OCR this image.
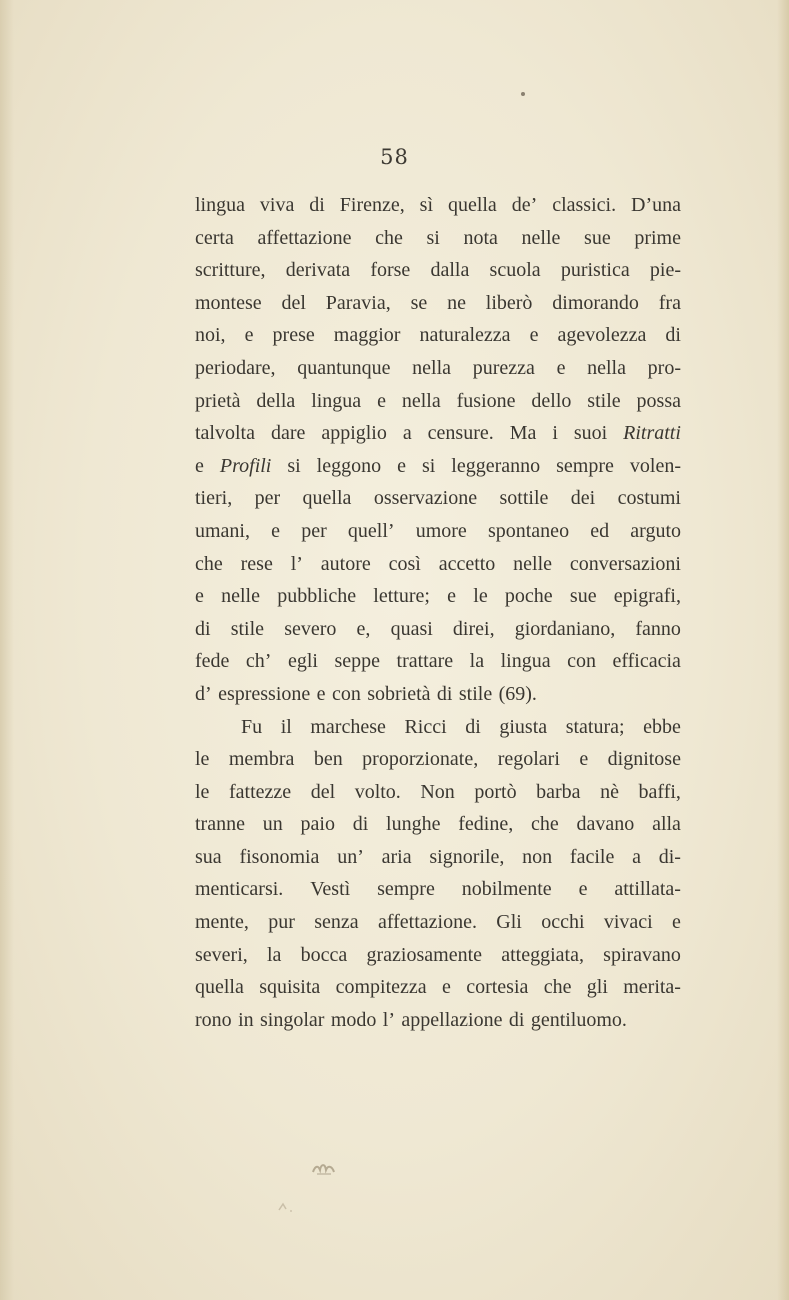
58
lingua viva di Firenze, sì quella de’ classici. D’una
certa affettazione che si nota nelle sue prime
scritture, derivata forse dalla scuola puristica pie-
montese del Paravia, se ne liberò dimorando fra
noi, e prese maggior naturalezza e agevolezza di
periodare, quantunque nella purezza e nella pro-
prietà della lingua e nella fusione dello stile possa
talvolta dare appiglio a censure. Ma i suoi Ritratti
e Profili si leggono e si leggeranno sempre volen-
tieri, per quella osservazione sottile dei costumi
umani, e per quell’ umore spontaneo ed arguto
che rese l’ autore così accetto nelle conversazioni
e nelle pubbliche letture; e le poche sue epigrafi,
di stile severo e, quasi direi, giordaniano, fanno
fede ch’ egli seppe trattare la lingua con efficacia
d’ espressione e con sobrietà di stile (69).
Fu il marchese Ricci di giusta statura; ebbe
le membra ben proporzionate, regolari e dignitose
le fattezze del volto. Non portò barba nè baffi,
tranne un paio di lunghe fedine, che davano alla
sua fisonomia un’ aria signorile, non facile a di-
menticarsi. Vestì sempre nobilmente e attillata-
mente, pur senza affettazione. Gli occhi vivaci e
severi, la bocca graziosamente atteggiata, spiravano
quella squisita compitezza e cortesia che gli merita-
rono in singolar modo l’ appellazione di gentiluomo.
